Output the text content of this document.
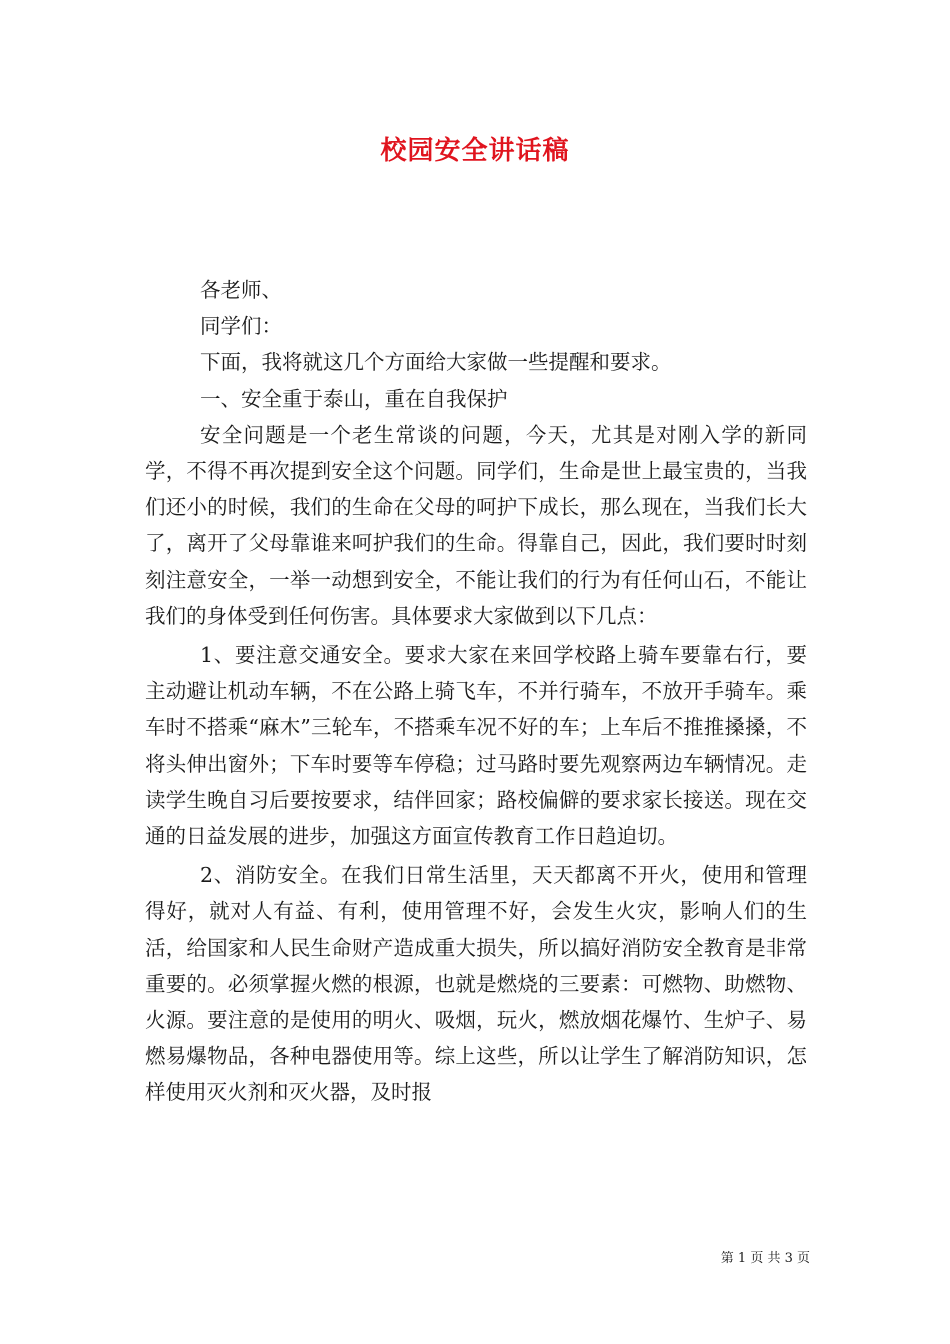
校园安全讲话稿

各老师、

同学们：

下面，我将就这几个方面给大家做一些提醒和要求。

一、安全重于泰山，重在自我保护

安全问题是一个老生常谈的问题，今天，尤其是对刚入学的新同学，不得不再次提到安全这个问题。同学们，生命是世上最宝贵的，当我们还小的时候，我们的生命在父母的呵护下成长，那么现在，当我们长大了，离开了父母靠谁来呵护我们的生命。得靠自己，因此，我们要时时刻刻注意安全，一举一动想到安全，不能让我们的行为有任何山石，不能让我们的身体受到任何伤害。具体要求大家做到以下几点：

1、要注意交通安全。要求大家在来回学校路上骑车要靠右行，要主动避让机动车辆，不在公路上骑飞车，不并行骑车，不放开手骑车。乘车时不搭乘“麻木”三轮车，不搭乘车况不好的车；上车后不推推搡搡，不将头伸出窗外；下车时要等车停稳；过马路时要先观察两边车辆情况。走读学生晚自习后要按要求，结伴回家；路校偏僻的要求家长接送。现在交通的日益发展的进步，加强这方面宣传教育工作日趋迫切。

2、消防安全。在我们日常生活里，天天都离不开火，使用和管理得好，就对人有益、有利，使用管理不好，会发生火灾，影响人们的生活，给国家和人民生命财产造成重大损失，所以搞好消防安全教育是非常重要的。必须掌握火燃的根源，也就是燃烧的三要素：可燃物、助燃物、火源。要注意的是使用的明火、吸烟，玩火，燃放烟花爆竹、生炉子、易燃易爆物品，各种电器使用等。综上这些，所以让学生了解消防知识，怎样使用灭火剂和灭火器，及时报

第 1 页 共 3 页
